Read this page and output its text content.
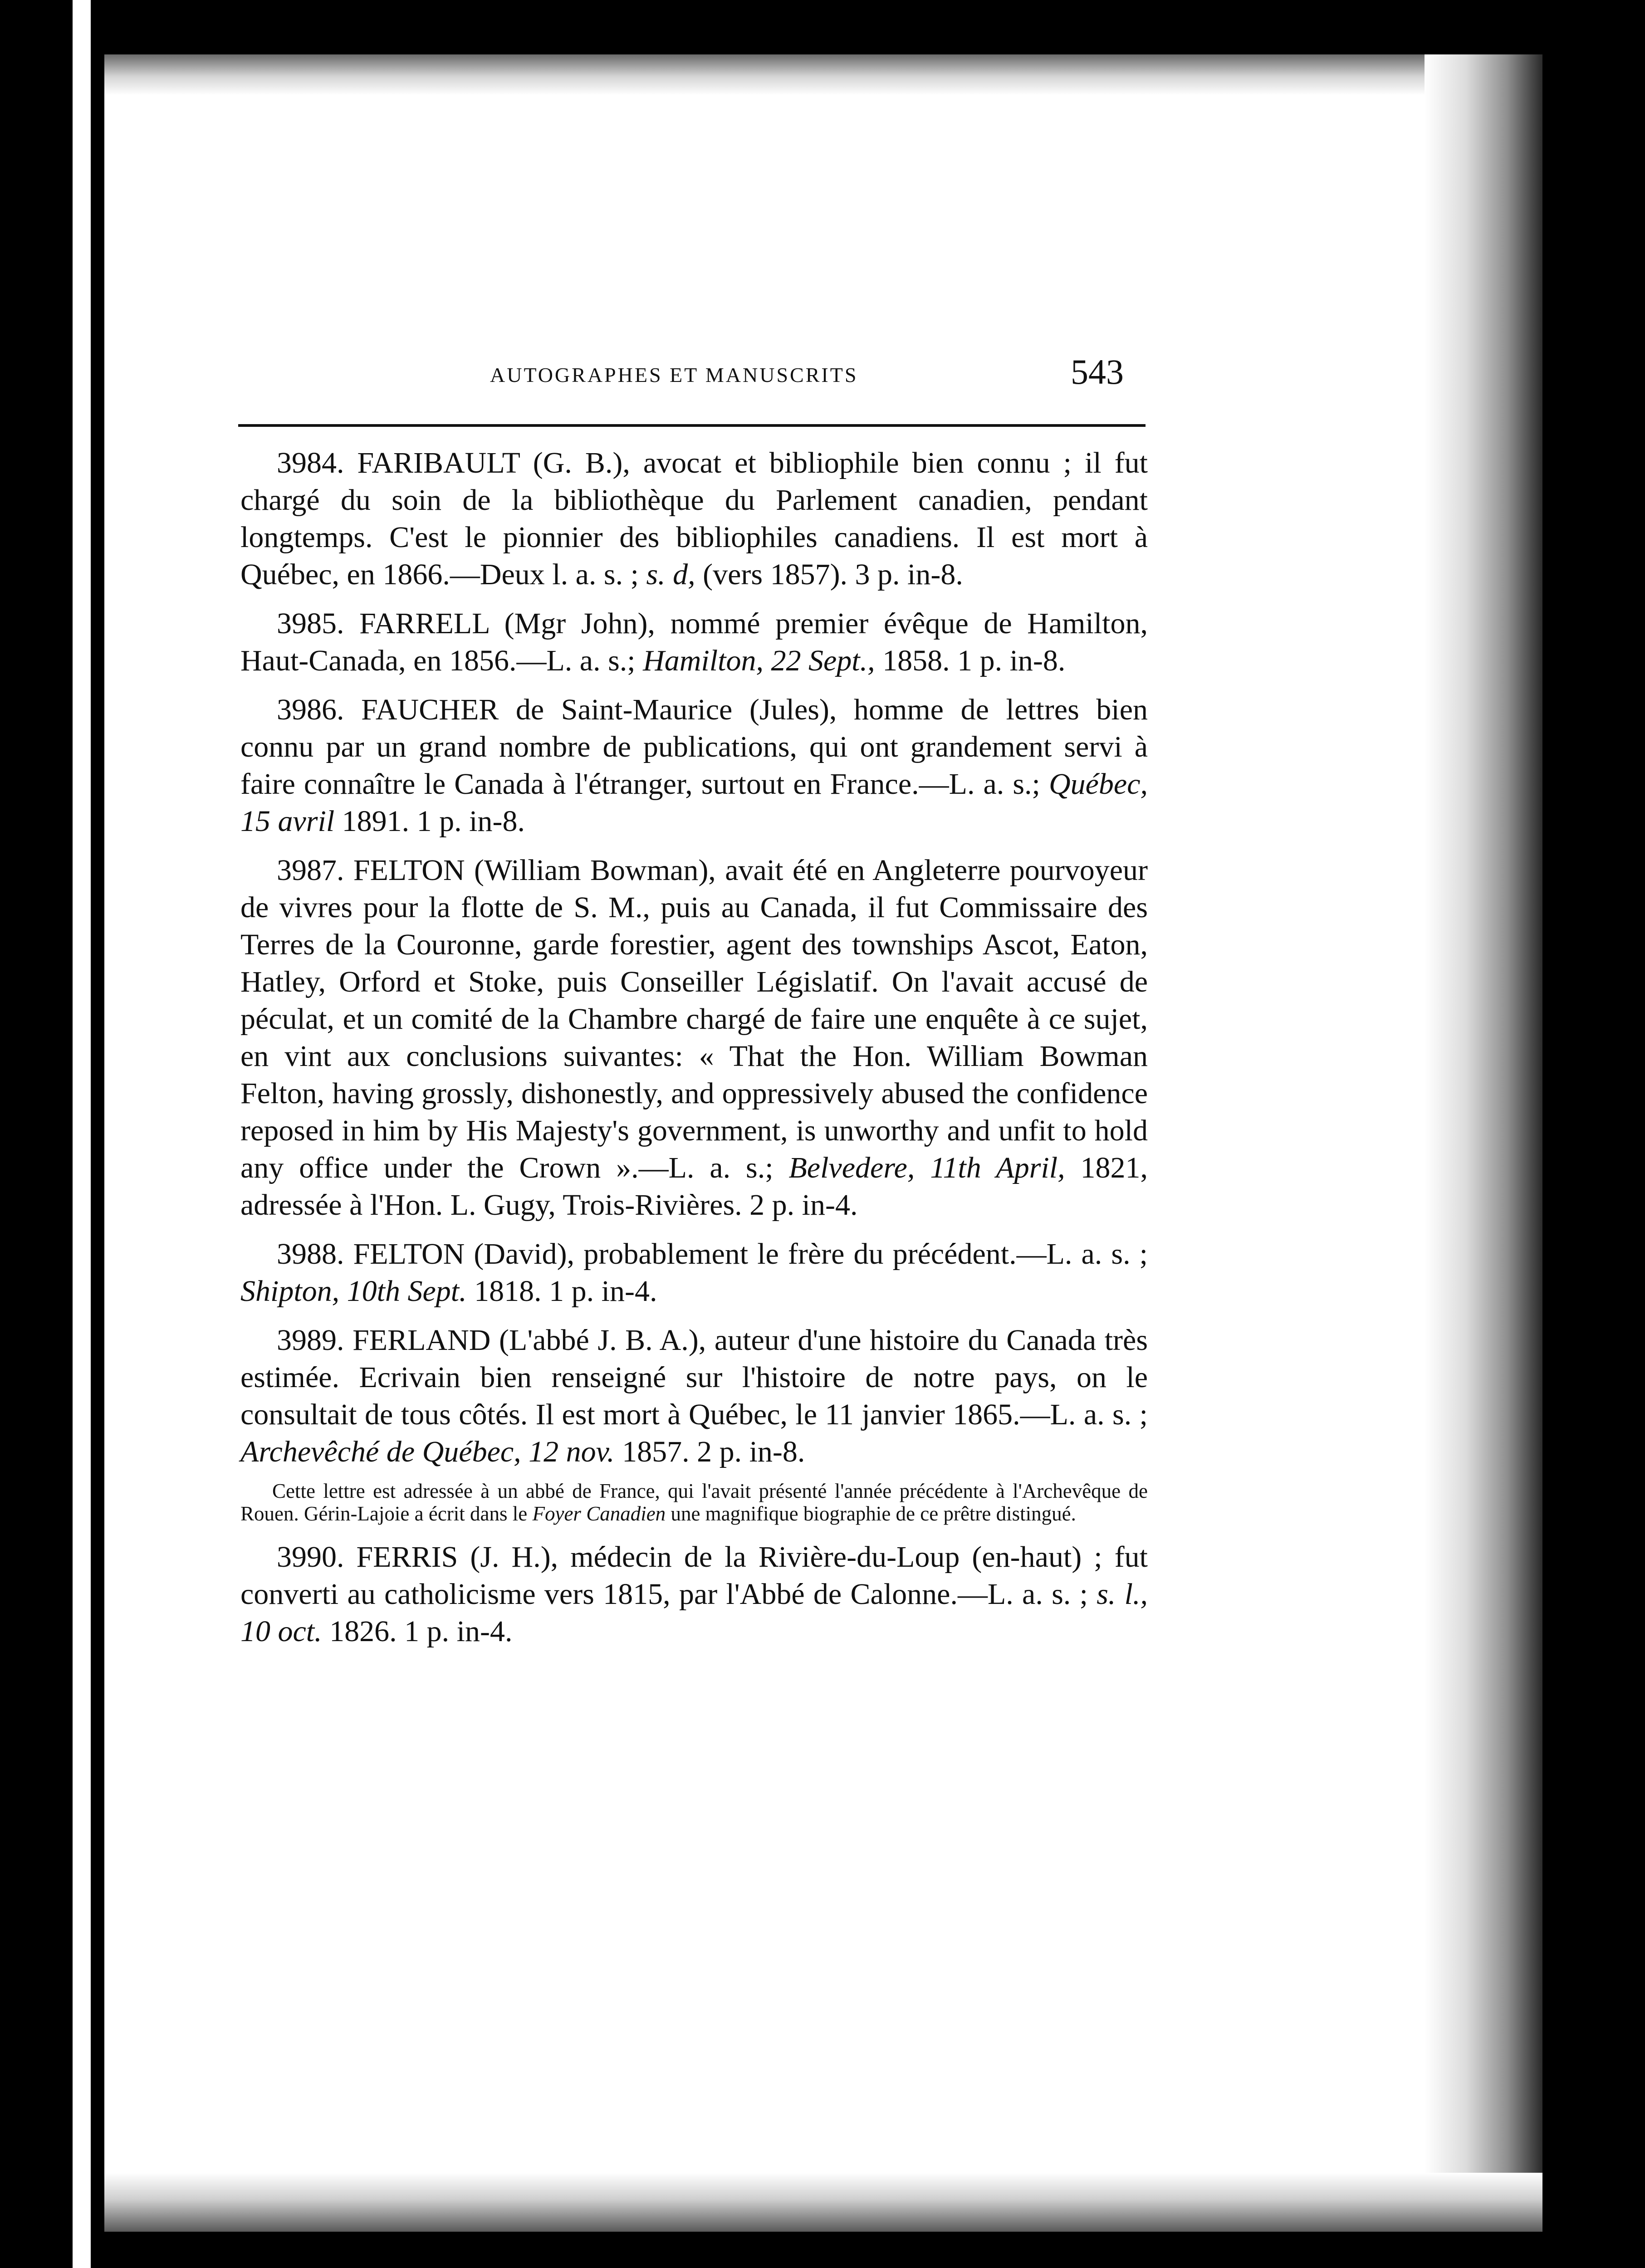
AUTOGRAPHES ET MANUSCRITS	543

3984. FARIBAULT (G. B.), avocat et bibliophile bien connu ; il fut chargé du soin de la bibliothèque du Parlement canadien, pendant longtemps. C'est le pionnier des bibliophiles canadiens. Il est mort à Québec, en 1866.—Deux l. a. s. ; s. d, (vers 1857). 3 p. in-8.

3985. FARRELL (Mgr John), nommé premier évêque de Hamilton, Haut-Canada, en 1856.—L. a. s.; Hamilton, 22 Sept., 1858. 1 p. in-8.

3986. FAUCHER de Saint-Maurice (Jules), homme de lettres bien connu par un grand nombre de publications, qui ont grandement servi à faire connaître le Canada à l'étranger, surtout en France.—L. a. s.; Québec, 15 avril 1891. 1 p. in-8.

3987. FELTON (William Bowman), avait été en Angleterre pourvoyeur de vivres pour la flotte de S. M., puis au Canada, il fut Commissaire des Terres de la Couronne, garde forestier, agent des townships Ascot, Eaton, Hatley, Orford et Stoke, puis Conseiller Législatif. On l'avait accusé de péculat, et un comité de la Chambre chargé de faire une enquête à ce sujet, en vint aux conclusions suivantes: « That the Hon. William Bowman Felton, having grossly, dishonestly, and oppressively abused the confidence reposed in him by His Majesty's government, is unworthy and unfit to hold any office under the Crown ».—L. a. s.; Belvedere, 11th April, 1821, adressée à l'Hon. L. Gugy, Trois-Rivières. 2 p. in-4.

3988. FELTON (David), probablement le frère du précédent.—L. a. s. ; Shipton, 10th Sept. 1818. 1 p. in-4.

3989. FERLAND (L'abbé J. B. A.), auteur d'une histoire du Canada très estimée. Ecrivain bien renseigné sur l'histoire de notre pays, on le consultait de tous côtés. Il est mort à Québec, le 11 janvier 1865.—L. a. s. ; Archevêché de Québec, 12 nov. 1857. 2 p. in-8.

Cette lettre est adressée à un abbé de France, qui l'avait présenté l'année précédente à l'Archevêque de Rouen. Gérin-Lajoie a écrit dans le Foyer Canadien une magnifique biographie de ce prêtre distingué.

3990. FERRIS (J. H.), médecin de la Rivière-du-Loup (en-haut) ; fut converti au catholicisme vers 1815, par l'Abbé de Calonne.—L. a. s. ; s. l., 10 oct. 1826. 1 p. in-4.
